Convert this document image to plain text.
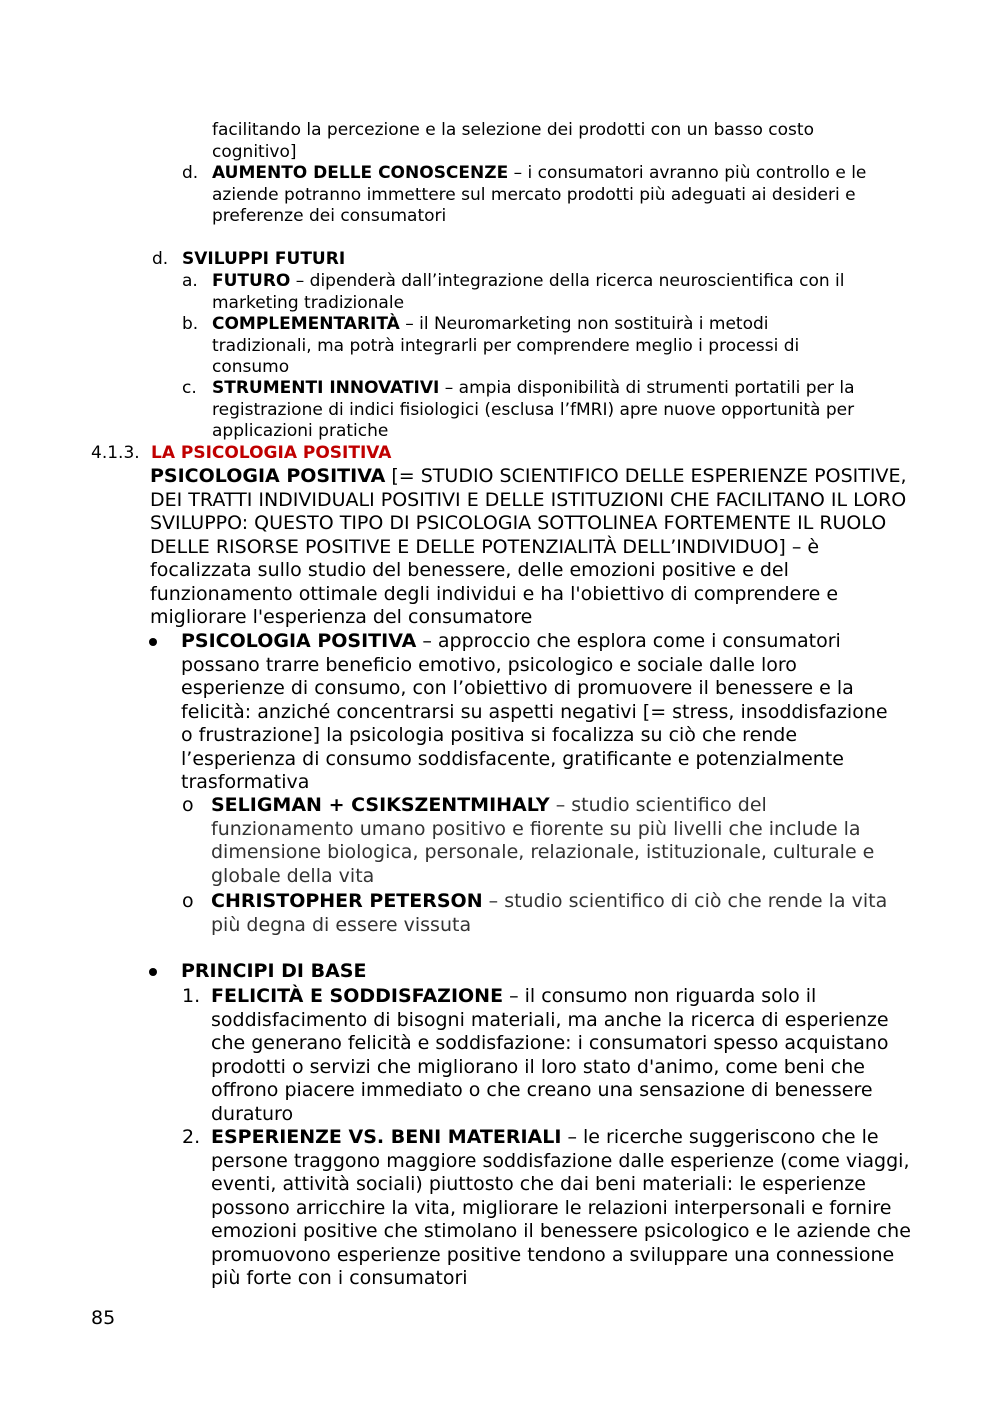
facilitando la percezione e la selezione dei prodotti con un basso costo cognitivo]

d. AUMENTO DELLE CONOSCENZE – i consumatori avranno più controllo e le aziende potranno immettere sul mercato prodotti più adeguati ai desideri e preferenze dei consumatori

d. SVILUPPI FUTURI

a. FUTURO – dipenderà dall’integrazione della ricerca neuroscientifica con il marketing tradizionale

b. COMPLEMENTARITÀ – il Neuromarketing non sostituirà i metodi tradizionali, ma potrà integrarli per comprendere meglio i processi di consumo

c. STRUMENTI INNOVATIVI – ampia disponibilità di strumenti portatili per la registrazione di indici fisiologici (esclusa l’fMRI) apre nuove opportunità per applicazioni pratiche

4.1.3. LA PSICOLOGIA POSITIVA

PSICOLOGIA POSITIVA [= STUDIO SCIENTIFICO DELLE ESPERIENZE POSITIVE, DEI TRATTI INDIVIDUALI POSITIVI E DELLE ISTITUZIONI CHE FACILITANO IL LORO SVILUPPO: QUESTO TIPO DI PSICOLOGIA SOTTOLINEA FORTEMENTE IL RUOLO DELLE RISORSE POSITIVE E DELLE POTENZIALITÀ DELL’INDIVIDUO] – è focalizzata sullo studio del benessere, delle emozioni positive e del funzionamento ottimale degli individui e ha l'obiettivo di comprendere e migliorare l'esperienza del consumatore

PSICOLOGIA POSITIVA – approccio che esplora come i consumatori possano trarre beneficio emotivo, psicologico e sociale dalle loro esperienze di consumo, con l’obiettivo di promuovere il benessere e la felicità: anziché concentrarsi su aspetti negativi [= stress, insoddisfazione o frustrazione] la psicologia positiva si focalizza su ciò che rende l’esperienza di consumo soddisfacente, gratificante e potenzialmente trasformativa

o SELIGMAN + CSIKSZENTMIHALY – studio scientifico del funzionamento umano positivo e fiorente su più livelli che include la dimensione biologica, personale, relazionale, istituzionale, culturale e globale della vita

o CHRISTOPHER PETERSON – studio scientifico di ciò che rende la vita più degna di essere vissuta

PRINCIPI DI BASE

1. FELICITÀ E SODDISFAZIONE – il consumo non riguarda solo il soddisfacimento di bisogni materiali, ma anche la ricerca di esperienze che generano felicità e soddisfazione: i consumatori spesso acquistano prodotti o servizi che migliorano il loro stato d'animo, come beni che offrono piacere immediato o che creano una sensazione di benessere duraturo

2. ESPERIENZE VS. BENI MATERIALI – le ricerche suggeriscono che le persone traggono maggiore soddisfazione dalle esperienze (come viaggi, eventi, attività sociali) piuttosto che dai beni materiali: le esperienze possono arricchire la vita, migliorare le relazioni interpersonali e fornire emozioni positive che stimolano il benessere psicologico e le aziende che promuovono esperienze positive tendono a sviluppare una connessione più forte con i consumatori

85
